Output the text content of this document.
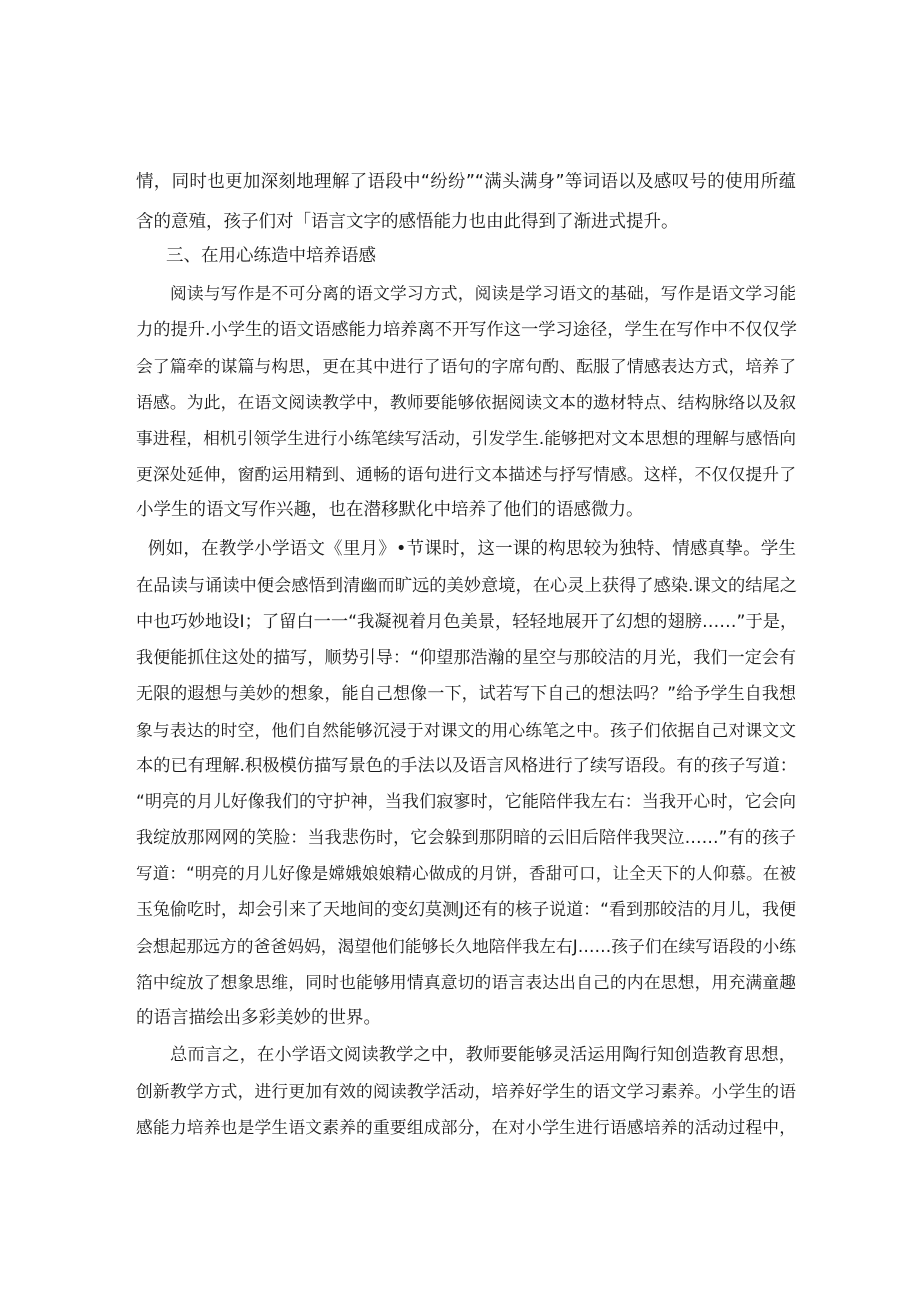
情，同时也更加深刻地理解了语段中“纷纷”“满头满身”等词语以及感叹号的使用所蕴
含的意殖，孩子们对「语言文字的感悟能力也由此得到了渐进式提升。
三、在用心练造中培养语感
阅读与写作是不可分离的语文学习方式，阅读是学习语文的基础，写作是语文学习能
力的提升.小学生的语文语感能力培养离不开写作这一学习途径，学生在写作中不仅仅学
会了篇牵的谋篇与构思，更在其中进行了语句的字席句酌、酝服了情感表达方式，培养了
语感。为此，在语文阅读教学中，教师要能够依据阅读文本的遨材特点、结构脉络以及叙
事进程，相机引领学生进行小练笔续写活动，引发学生.能够把对文本思想的理解与感悟向
更深处延伸，窗酌运用精到、通畅的语句进行文本描述与抒写情感。这样，不仅仅提升了
小学生的语文写作兴趣，也在潜移默化中培养了他们的语感微力。
例如，在教学小学语文《里月》•节课时，这一课的构思较为独特、情感真挚。学生
在品读与诵读中便会感悟到清幽而旷远的美妙意境，在心灵上获得了感染.课文的结尾之
中也巧妙地设I；了留白一一“我凝视着月色美景，轻轻地展开了幻想的翅膀……”于是，
我便能抓住这处的描写，顺势引导：“仰望那浩瀚的星空与那皎洁的月光，我们一定会有
无限的遐想与美妙的想象，能自己想像一下，试若写下自己的想法吗？”给予学生自我想
象与表达的时空，他们自然能够沉浸于对课文的用心练笔之中。孩子们依据自己对课文文
本的已有理解.积极模仿描写景色的手法以及语言风格进行了续写语段。有的孩子写道：
“明亮的月儿好像我们的守护神，当我们寂寥时，它能陪伴我左右：当我开心时，它会向
我绽放那网网的笑脸：当我悲伤时，它会躲到那阴暗的云旧后陪伴我哭泣……”有的孩子
写道：“明亮的月儿好像是嫦娥娘娘精心做成的月饼，香甜可口，让全天下的人仰慕。在被
玉兔偷吃时，却会引来了天地间的变幻莫测J还有的核子说道：“看到那皎洁的月儿，我便
会想起那远方的爸爸妈妈，渴望他们能够长久地陪伴我左右J……孩子们在续写语段的小练
箔中绽放了想象思维，同时也能够用情真意切的语言表达出自己的内在思想，用充满童趣
的语言描绘出多彩美妙的世界。
总而言之，在小学语文阅读教学之中，教师要能够灵活运用陶行知创造教育思想，
创新教学方式，进行更加有效的阅读教学活动，培养好学生的语文学习素养。小学生的语
感能力培养也是学生语文素养的重要组成部分，在对小学生进行语感培养的活动过程中，
